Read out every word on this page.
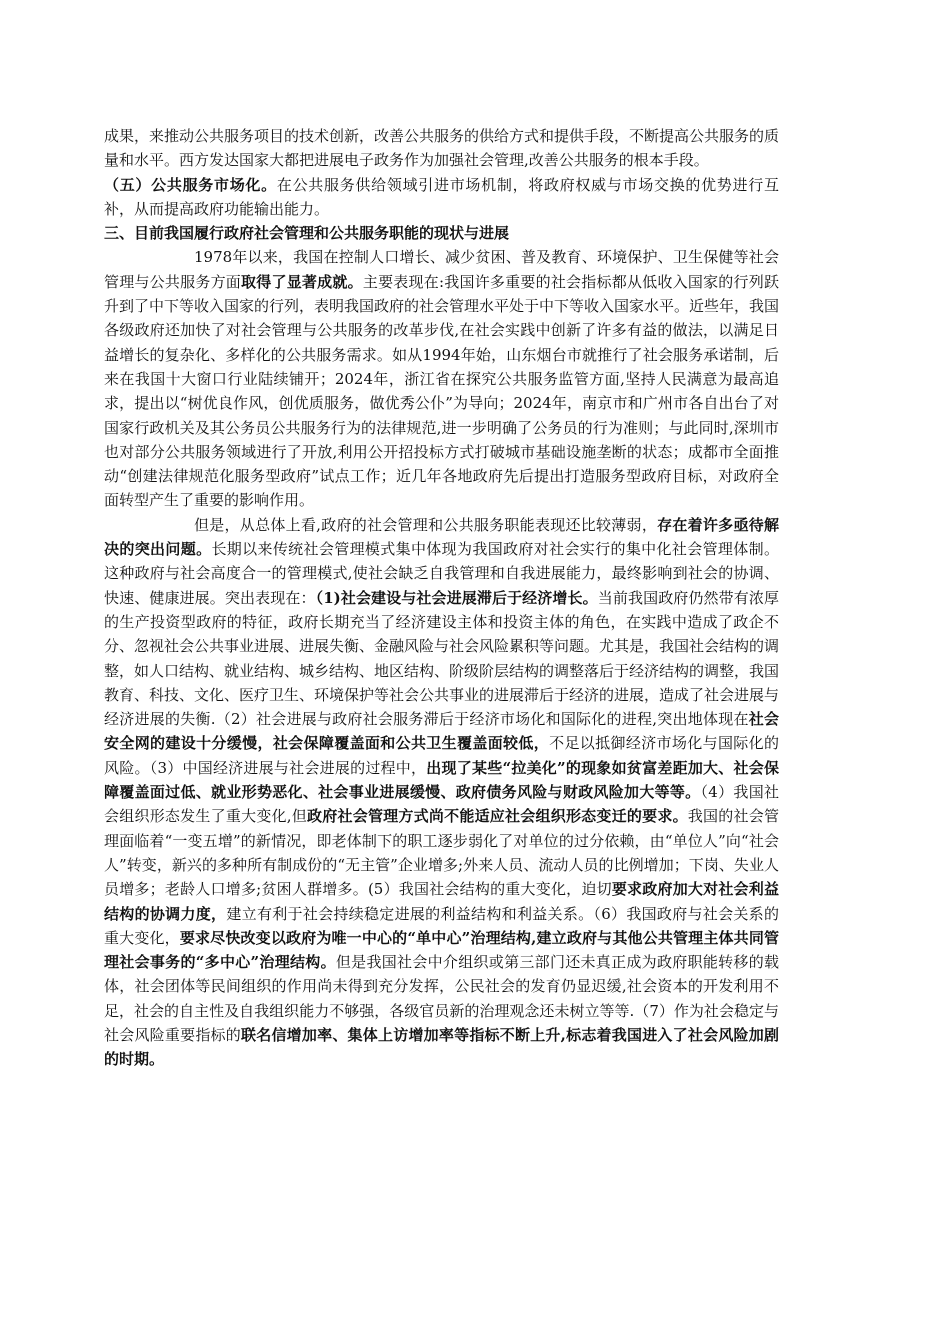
成果，来推动公共服务项目的技术创新，改善公共服务的供给方式和提供手段，不断提高公共服务的质量和水平。西方发达国家大都把进展电子政务作为加强社会管理,改善公共服务的根本手段。

（五）公共服务市场化。在公共服务供给领域引进市场机制，将政府权威与市场交换的优势进行互补，从而提高政府功能输出能力。

三、目前我国履行政府社会管理和公共服务职能的现状与进展

1978年以来，我国在控制人口增长、减少贫困、普及教育、环境保护、卫生保健等社会管理与公共服务方面取得了显著成就。主要表现在:我国许多重要的社会指标都从低收入国家的行列跃升到了中下等收入国家的行列，表明我国政府的社会管理水平处于中下等收入国家水平。近些年，我国各级政府还加快了对社会管理与公共服务的改革步伐,在社会实践中创新了许多有益的做法，以满足日益增长的复杂化、多样化的公共服务需求。如从1994年始，山东烟台市就推行了社会服务承诺制，后来在我国十大窗口行业陆续铺开；2024年，浙江省在探究公共服务监管方面,坚持人民满意为最高追求，提出以“树优良作风，创优质服务，做优秀公仆”为导向；2024年，南京市和广州市各自出台了对国家行政机关及其公务员公共服务行为的法律规范,进一步明确了公务员的行为准则；与此同时,深圳市也对部分公共服务领域进行了开放,利用公开招投标方式打破城市基础设施垄断的状态；成都市全面推动“创建法律规范化服务型政府”试点工作；近几年各地政府先后提出打造服务型政府目标，对政府全面转型产生了重要的影响作用。

但是，从总体上看,政府的社会管理和公共服务职能表现还比较薄弱，存在着许多亟待解决的突出问题。长期以来传统社会管理模式集中体现为我国政府对社会实行的集中化社会管理体制。这种政府与社会高度合一的管理模式,使社会缺乏自我管理和自我进展能力，最终影响到社会的协调、快速、健康进展。突出表现在：（1)社会建设与社会进展滞后于经济增长。当前我国政府仍然带有浓厚的生产投资型政府的特征，政府长期充当了经济建设主体和投资主体的角色，在实践中造成了政企不分、忽视社会公共事业进展、进展失衡、金融风险与社会风险累积等问题。尤其是，我国社会结构的调整，如人口结构、就业结构、城乡结构、地区结构、阶级阶层结构的调整落后于经济结构的调整，我国教育、科技、文化、医疗卫生、环境保护等社会公共事业的进展滞后于经济的进展，造成了社会进展与经济进展的失衡.（2）社会进展与政府社会服务滞后于经济市场化和国际化的进程,突出地体现在社会安全网的建设十分缓慢，社会保障覆盖面和公共卫生覆盖面较低，不足以抵御经济市场化与国际化的风险。（3）中国经济进展与社会进展的过程中，出现了某些“拉美化”的现象如贫富差距加大、社会保障覆盖面过低、就业形势恶化、社会事业进展缓慢、政府债务风险与财政风险加大等等。（4）我国社会组织形态发生了重大变化,但政府社会管理方式尚不能适应社会组织形态变迁的要求。我国的社会管理面临着“一变五增”的新情况，即老体制下的职工逐步弱化了对单位的过分依赖，由“单位人”向“社会人”转变，新兴的多种所有制成份的“无主管”企业增多;外来人员、流动人员的比例增加；下岗、失业人员增多；老龄人口增多;贫困人群增多。(5）我国社会结构的重大变化，迫切要求政府加大对社会利益结构的协调力度，建立有利于社会持续稳定进展的利益结构和利益关系。（6）我国政府与社会关系的重大变化，要求尽快改变以政府为唯一中心的“单中心”治理结构,建立政府与其他公共管理主体共同管理社会事务的“多中心”治理结构。但是我国社会中介组织或第三部门还未真正成为政府职能转移的载体，社会团体等民间组织的作用尚未得到充分发挥，公民社会的发育仍显迟缓,社会资本的开发利用不足，社会的自主性及自我组织能力不够强，各级官员新的治理观念还未树立等等.（7）作为社会稳定与社会风险重要指标的联名信增加率、集体上访增加率等指标不断上升,标志着我国进入了社会风险加剧的时期。
